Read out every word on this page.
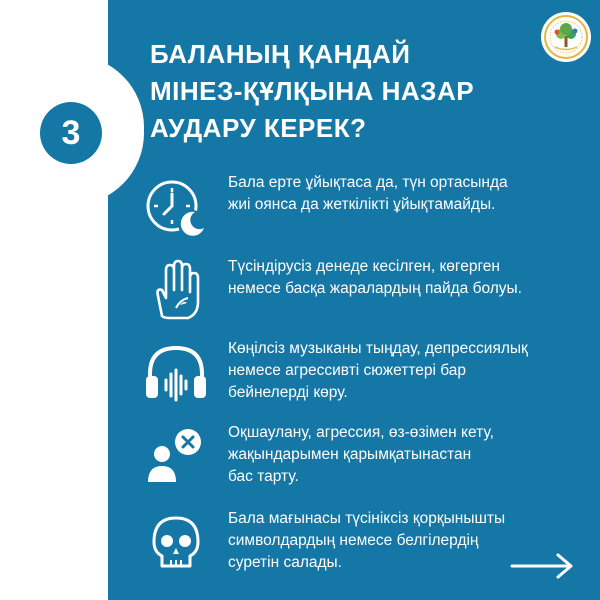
3
БАЛАНЫҢ ҚАНДАЙ
МІНЕЗ-ҚҰЛҚЫНА НАЗАР
АУДАРУ КЕРЕК?
Бала ерте ұйықтаса да, түн ортасында
жиі оянса да жеткілікті ұйықтамайды.
Түсіндірусіз денеде кесілген, көгерген
немесе басқа жаралардың пайда болуы.
Көңілсіз музыканы тыңдау, депрессиялық
немесе агрессивті сюжеттері бар
бейнелерді көру.
Оқшаулану, агрессия, өз-өзімен кету,
жақындарымен қарымқатынастан
бас тарту.
Бала мағынасы түсініксіз қорқынышты
символдардың немесе белгілердің
суретін салады.
